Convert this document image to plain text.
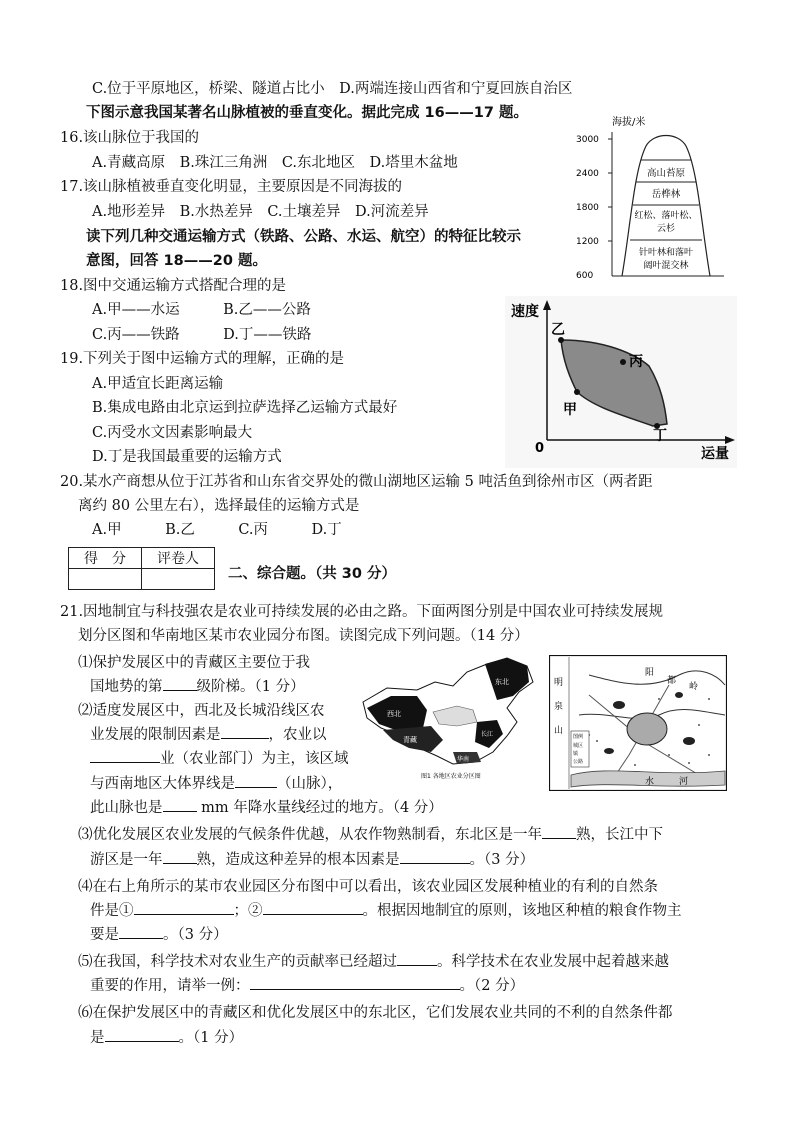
C.位于平原地区，桥梁、隧道占比小　D.两端连接山西省和宁夏回族自治区
下图示意我国某著名山脉植被的垂直变化。据此完成 16——17 题。
16.该山脉位于我国的
A.青藏高原　B.珠江三角洲　C.东北地区　D.塔里木盆地
17.该山脉植被垂直变化明显，主要原因是不同海拔的
A.地形差异　B.水热差异　C.土壤差异　D.河流差异
读下列几种交通运输方式（铁路、公路、水运、航空）的特征比较示
意图，回答 18——20 题。
18.图中交通运输方式搭配合理的是
A.甲——水运　　　B.乙——公路
C.丙——铁路　　　D.丁——铁路
19.下列关于图中运输方式的理解，正确的是
A.甲适宜长距离运输
B.集成电路由北京运到拉萨选择乙运输方式最好
C.丙受水文因素影响最大
D.丁是我国最重要的运输方式
20.某水产商想从位于江苏省和山东省交界处的微山湖地区运输 5 吨活鱼到徐州市区（两者距
离约 80 公里左右），选择最佳的运输方式是
A.甲　　　B.乙　　　C.丙　　　D.丁
得　分	评卷人

二、综合题。（共 30 分）
21.因地制宜与科技强农是农业可持续发展的必由之路。下面两图分别是中国农业可持续发展规
划分区图和华南地区某市农业园分布图。读图完成下列问题。（14 分）
⑴保护发展区中的青藏区主要位于我
国地势的第 级阶梯。（1 分）
⑵适度发展区中，西北及长城沿线区农
业发展的限制因素是	，农业以
业（农业部门）为主，该区域
与西南地区大体界线是	（山脉），
此山脉也是 mm 年降水量线经过的地方。（4 分）
⑶优化发展区农业发展的气候条件优越，从农作物熟制看，东北区是一年 熟，长江中下
游区是一年 熟，造成这种差异的根本因素是	。（3 分）
⑷在右上角所示的某市农业园区分布图中可以看出，该农业园区发展种植业的有利的自然条
件是①	；②	。根据因地制宜的原则，该地区种植的粮食作物主
要是	。（3 分）
⑸在我国，科学技术对农业生产的贡献率已经超过	。科学技术在农业发展中起着越来越
重要的作用，请举一例：	。（2 分）
⑹在保护发展区中的青藏区和优化发展区中的东北区，它们发展农业共同的不利的自然条件都
是	。（1 分）
海拔/米
3000
2400
1800
1200
600
高山苔原
岳桦林
红松、落叶松、
云杉
针叶林和落叶
阔叶混交林
速度
运量
0
乙
丙
甲
丁
东北
西北
青藏
华南
长江
图1 各地区农业分区图
图例
城区
镇
公路
明
泉
山
阳
都
岭
水	河
